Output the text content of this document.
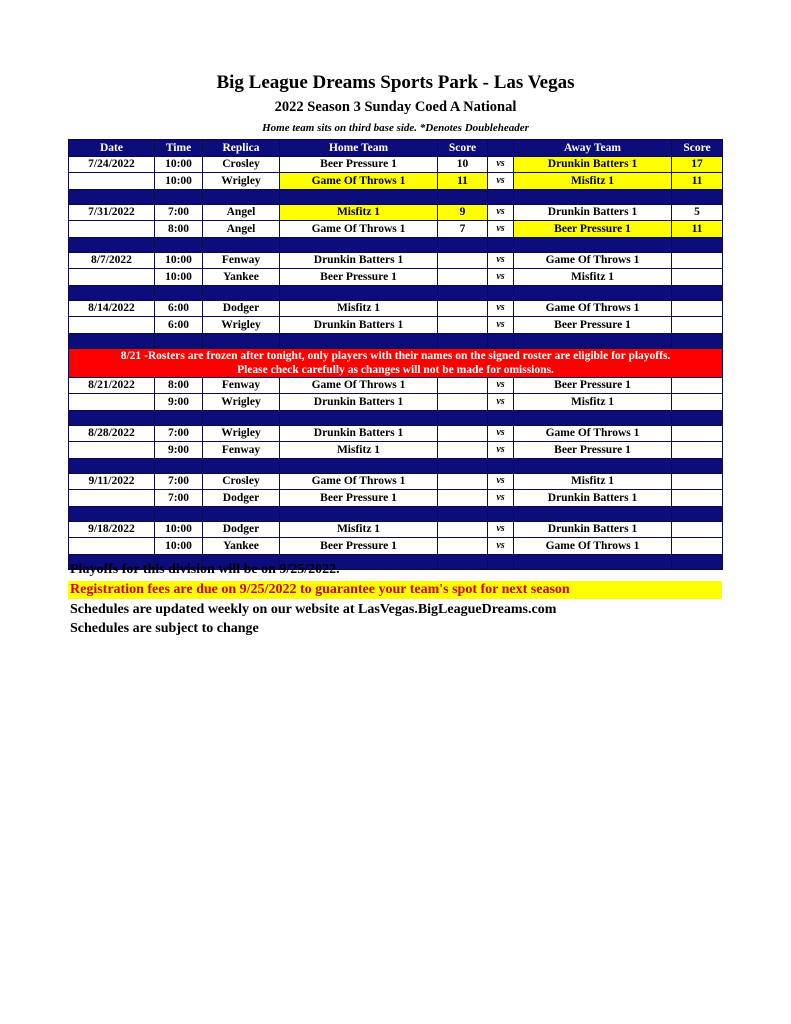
Big League Dreams Sports Park - Las Vegas
2022 Season 3 Sunday Coed A National
Home team sits on third base side. *Denotes Doubleheader
Date	Time	Replica	Home Team	Score		Away Team	Score
7/24/2022	10:00	Crosley	Beer Pressure 1	10	vs	Drunkin Batters 1	17
	10:00	Wrigley	Game Of Throws 1	11	vs	Misfitz 1	11

7/31/2022	7:00	Angel	Misfitz 1	9	vs	Drunkin Batters 1	5
	8:00	Angel	Game Of Throws 1	7	vs	Beer Pressure 1	11

8/7/2022	10:00	Fenway	Drunkin Batters 1		vs	Game Of Throws 1	
	10:00	Yankee	Beer Pressure 1		vs	Misfitz 1	

8/14/2022	6:00	Dodger	Misfitz 1		vs	Game Of Throws 1	
	6:00	Wrigley	Drunkin Batters 1		vs	Beer Pressure 1	

8/21 -Rosters are frozen after tonight, only players with their names on the signed roster are eligible for playoffs.
Please check carefully as changes will not be made for omissions.							

8/21/2022	8:00	Fenway	Game Of Throws 1		vs	Beer Pressure 1	
	9:00	Wrigley	Drunkin Batters 1		vs	Misfitz 1	

8/28/2022	7:00	Wrigley	Drunkin Batters 1		vs	Game Of Throws 1	
	9:00	Fenway	Misfitz 1		vs	Beer Pressure 1	

9/11/2022	7:00	Crosley	Game Of Throws 1		vs	Misfitz 1	
	7:00	Dodger	Beer Pressure 1		vs	Drunkin Batters 1	

9/18/2022	10:00	Dodger	Misfitz 1		vs	Drunkin Batters 1	
	10:00	Yankee	Beer Pressure 1		vs	Game Of Throws 1	

Playoffs for this division will be on 9/25/2022.
Registration fees are due on 9/25/2022 to guarantee your team's spot for next season
Schedules are updated weekly on our website at LasVegas.BigLeagueDreams.com
Schedules are subject to change
